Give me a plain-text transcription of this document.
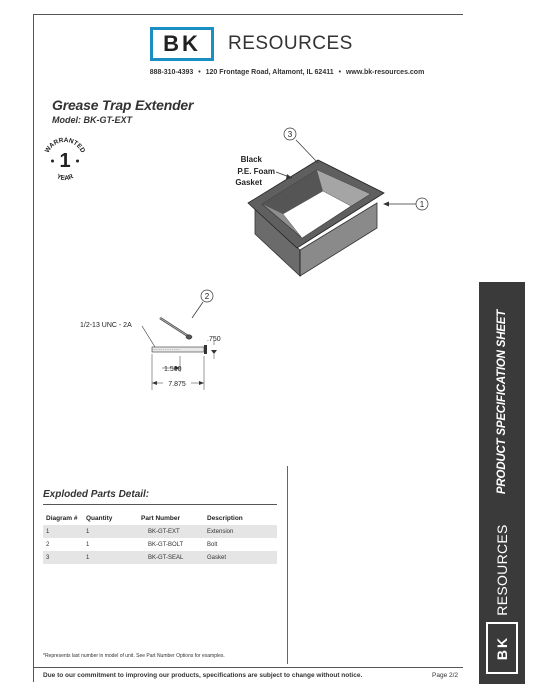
BK	RESOURCES
888-310-4393 • 120 Frontage Road, Altamont, IL 62411 • www.bk-resources.com
Grease Trap Extender
Model: BK-GT-EXT
WARRANTED
1
YEAR
3
Black
P.E. Foam
Gasket
1
2
1/2-13 UNC - 2A
.750
1.500
7.875	PRODUCT SPECIFICATION SHEET
RESOURCES
BK
Exploded Parts Detail:
Diagram #	Quantity	Part Number	Description
1	1	BK-GT-EXT	Extension
2	1	BK-GT-BOLT	Bolt
3	1	BK-GT-SEAL	Gasket
*Represents last number in model of unit. See Part Number Options for examples.
Due to our commitment to improving our products, specifications are subject to change without notice.	Page 2/2
